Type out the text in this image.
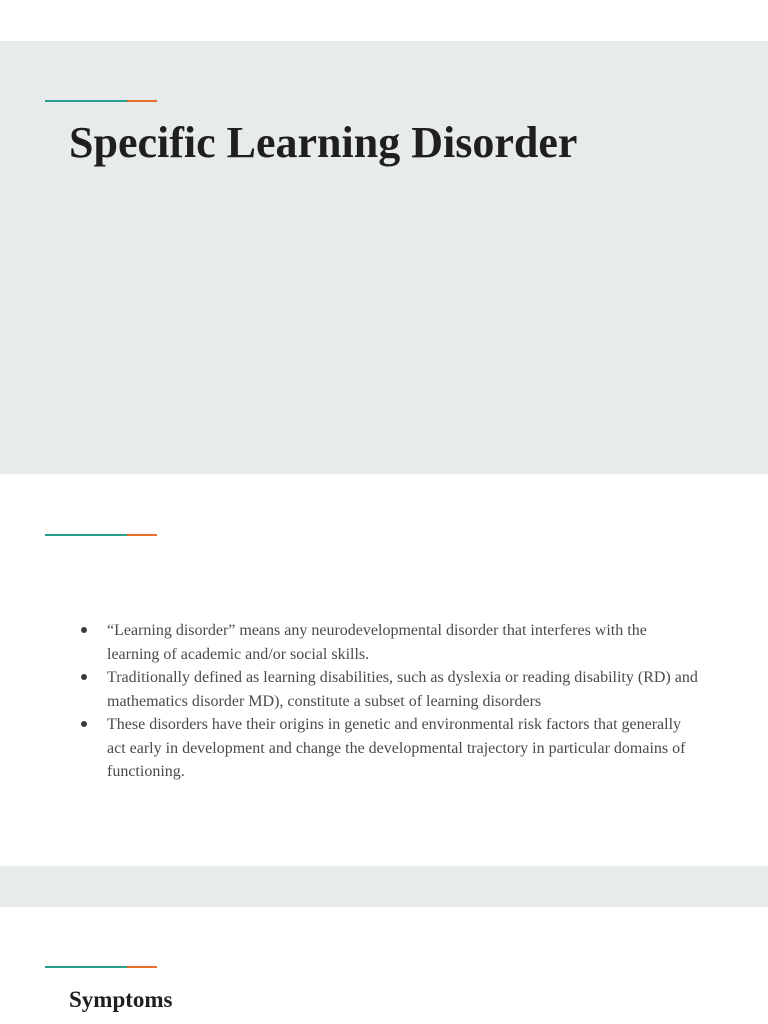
Specific Learning Disorder
“Learning disorder” means any neurodevelopmental disorder that interferes with the learning of academic and/or social skills.
Traditionally defined as learning disabilities, such as dyslexia or reading disability (RD) and mathematics disorder MD), constitute a subset of learning disorders
These disorders have their origins in genetic and environmental risk factors that generally act early in development and change the developmental trajectory in particular domains of functioning.
Symptoms
